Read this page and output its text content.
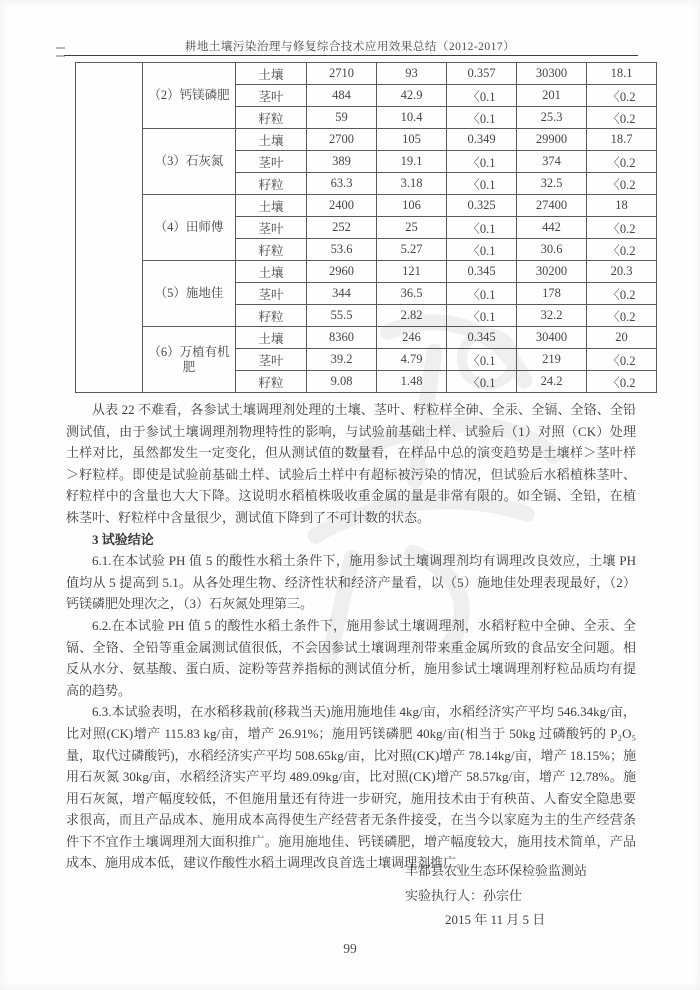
耕地土壤污染治理与修复综合技术应用效果总结（2012-2017）
	（2）钙镁磷肥	土壤	2710	93	0.357	30300	18.1
		茎叶	484	42.9	〈0.1	201	〈0.2
		籽粒	59	10.4	〈0.1	25.3	〈0.2
	（3）石灰氮	土壤	2700	105	0.349	29900	18.7
		茎叶	389	19.1	〈0.1	374	〈0.2
		籽粒	63.3	3.18	〈0.1	32.5	〈0.2
	（4）田师傅	土壤	2400	106	0.325	27400	18
		茎叶	252	25	〈0.1	442	〈0.2
		籽粒	53.6	5.27	〈0.1	30.6	〈0.2
	（5）施地佳	土壤	2960	121	0.345	30200	20.3
		茎叶	344	36.5	〈0.1	178	〈0.2
		籽粒	55.5	2.82	〈0.1	32.2	〈0.2
	（6）万植有机肥	土壤	8360	246	0.345	30400	20
		茎叶	39.2	4.79	〈0.1	219	〈0.2
		籽粒	9.08	1.48	〈0.1	24.2	〈0.2

从表 22 不难看，各参试土壤调理剂处理的土壤、茎叶、籽粒样全砷、全汞、全镉、全铬、全铅测试值，由于参试土壤调理剂物理特性的影响，与试验前基础土样、试验后（1）对照（CK）处理土样对比，虽然都发生一定变化，但从测试值的数量看，在样品中总的演变趋势是土壤样＞茎叶样＞籽粒样。即使是试验前基础土样、试验后土样中有超标被污染的情况，但试验后水稻植株茎叶、籽粒样中的含量也大大下降。这说明水稻植株吸收重金属的量是非常有限的。如全镉、全铅，在植株茎叶、籽粒样中含量很少，测试值下降到了不可计数的状态。

3 试验结论

6.1.在本试验 PH 值 5 的酸性水稻土条件下，施用参试土壤调理剂均有调理改良效应，土壤 PH 值均从 5 提高到 5.1。从各处理生物、经济性状和经济产量看，以（5）施地佳处理表现最好，（2）钙镁磷肥处理次之，（3）石灰氮处理第三。

6.2.在本试验 PH 值 5 的酸性水稻土条件下，施用参试土壤调理剂，水稻籽粒中全砷、全汞、全镉、全铬、全铅等重金属测试值很低，不会因参试土壤调理剂带来重金属所致的食品安全问题。相反从水分、氨基酸、蛋白质、淀粉等营养指标的测试值分析，施用参试土壤调理剂籽粒品质均有提高的趋势。

6.3.本试验表明，在水稻移栽前(移栽当天)施用施地佳 4kg/亩，水稻经济实产平均 546.34kg/亩，比对照(CK)增产 115.83 kg/亩，增产 26.91%；施用钙镁磷肥 40kg/亩(相当于 50kg 过磷酸钙的 P₂O₅ 量，取代过磷酸钙)，水稻经济实产平均 508.65kg/亩，比对照(CK)增产 78.14kg/亩，增产 18.15%；施用石灰氮 30kg/亩，水稻经济实产平均 489.09kg/亩，比对照(CK)增产 58.57kg/亩，增产 12.78%。施用石灰氮，增产幅度较低，不但施用量还有待进一步研究，施用技术由于有秧苗、人畜安全隐患要求很高，而且产品成本、施用成本高得使生产经营者无条件接受，在当今以家庭为主的生产经营条件下不宜作土壤调理剂大面积推广。施用施地佳、钙镁磷肥，增产幅度较大，施用技术简单，产品成本、施用成本低，建议作酸性水稻土调理改良首选土壤调理剂推广。

丰都县农业生态环保检验监测站
实验执行人：孙宗仕
2015 年 11 月 5 日
99
